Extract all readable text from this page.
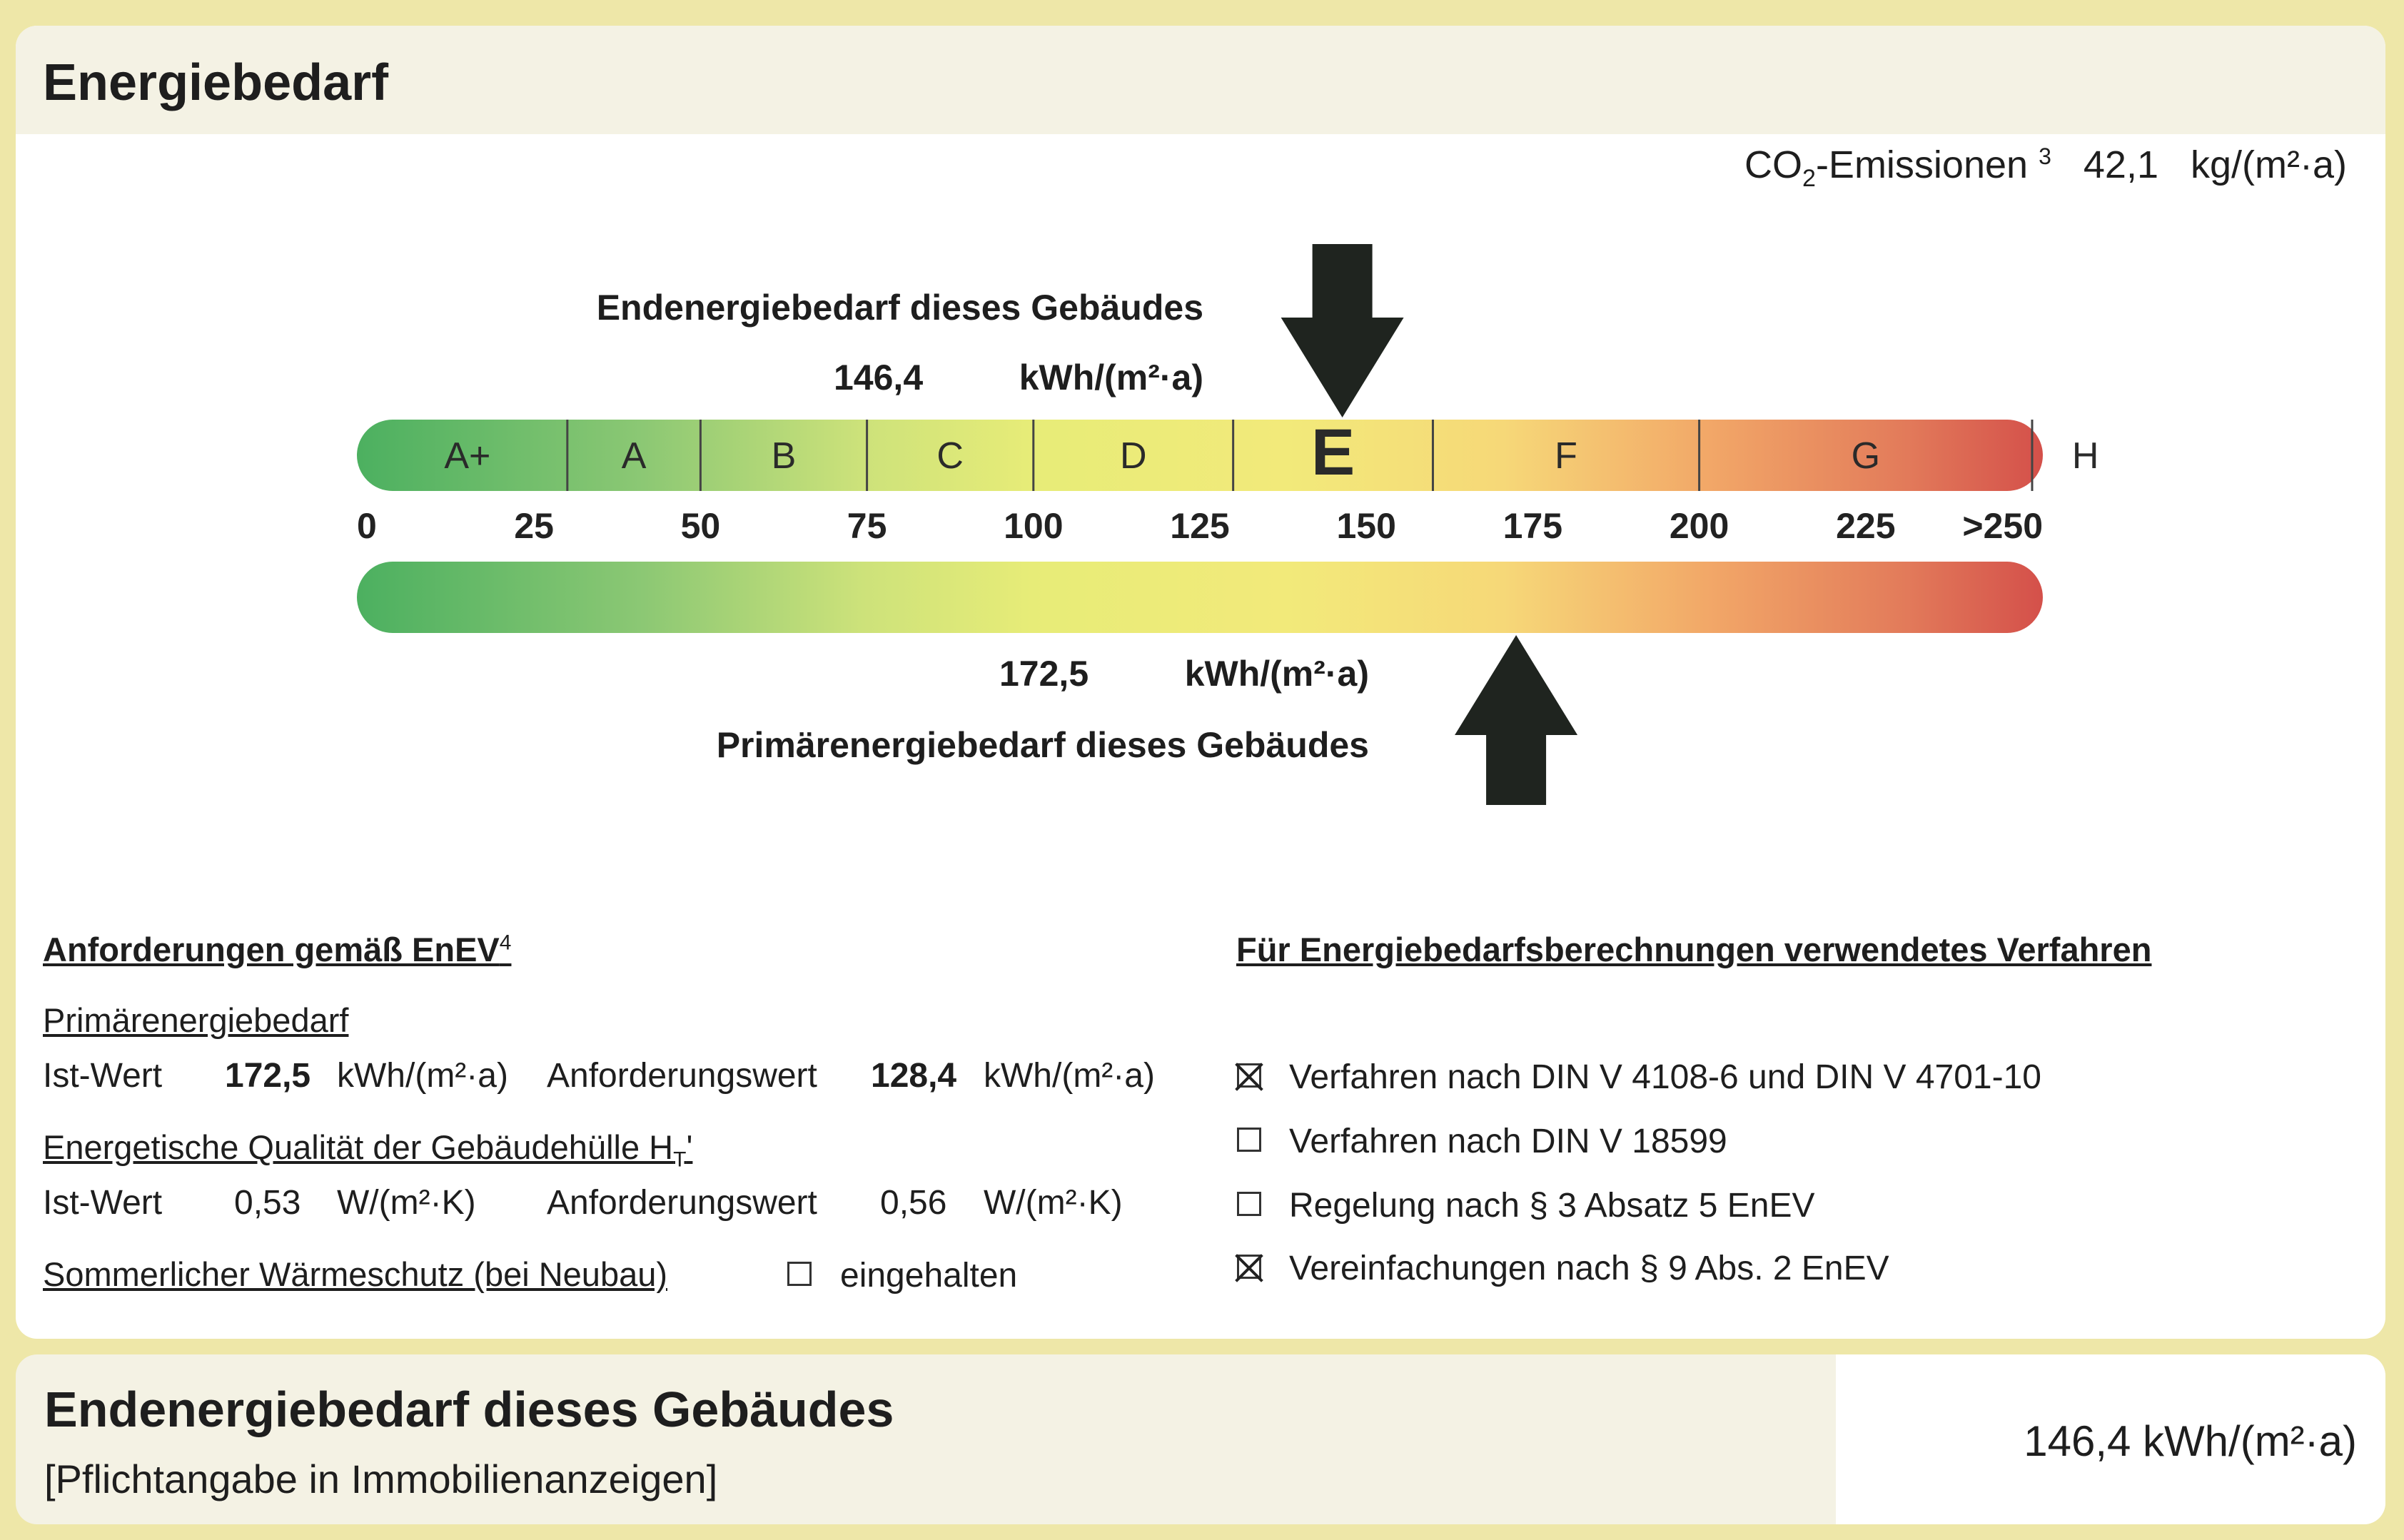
Energiebedarf
$CO_2$-Emissionen $^3$ 42,1 kg/(m²·a)
A+	A	B	C	D	E	F	G	H
0	25	50	75	100	125	150	175	200	225 >250
Endenergiebedarf dieses Gebäudes
146,4	kWh/(m²·a)
172,5	kWh/(m²·a)
Primärenergiebedarf dieses Gebäudes
Anforderungen gemäß EnEV$^4$
Primärenergiebedarf
Ist-Wert 172,5 kWh/(m²·a) Anforderungswert 128,4 kWh/(m²·a)
Energetische Qualität der Gebäudehülle $H_T'$
Ist-Wert 0,53 W/(m²·K) Anforderungswert 0,56 W/(m²·K)
Sommerlicher Wärmeschutz (bei Neubau)	eingehalten
Für Energiebedarfsberechnungen verwendetes Verfahren
Verfahren nach DIN V 4108-6 und DIN V 4701-10
Verfahren nach DIN V 18599
Regelung nach § 3 Absatz 5 EnEV
Vereinfachungen nach § 9 Abs. 2 EnEV
Endenergiebedarf dieses Gebäudes
[Pflichtangabe in Immobilienanzeigen]
146,4 kWh/(m²·a)
